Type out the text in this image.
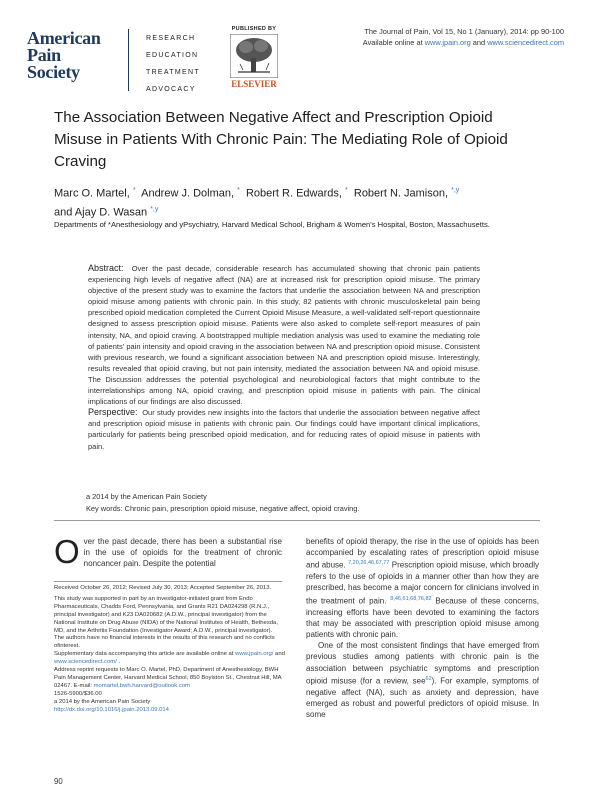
American
Pain
Society
RESEARCH
EDUCATION
TREATMENT
ADVOCACY
PUBLISHED BY
ELSEVIER
The Journal of Pain, Vol 15, No 1 (January), 2014: pp 90-100
Available online at www.jpain.org and www.sciencedirect.com
The Association Between Negative Affect and Prescription Opioid Misuse in Patients With Chronic Pain: The Mediating Role of Opioid Craving
Marc O. Martel, * Andrew J. Dolman, * Robert R. Edwards, * Robert N. Jamison, $^{*,y}$
and Ajay D. Wasan $^{*,y}$
Departments of *Anesthesiology and yPsychiatry, Harvard Medical School, Brigham & Women's Hospital, Boston, Massachusetts.
Abstract: Over the past decade, considerable research has accumulated showing that chronic pain patients experiencing high levels of negative affect (NA) are at increased risk for prescription opioid misuse. The primary objective of the present study was to examine the factors that underlie the association between NA and prescription opioid misuse among patients with chronic pain. In this study, 82 patients with chronic musculoskeletal pain being prescribed opioid medication completed the Current Opioid Misuse Measure, a well-validated self-report questionnaire designed to assess prescription opioid misuse. Patients were also asked to complete self-report measures of pain intensity, NA, and opioid craving. A bootstrapped multiple mediation analysis was used to examine the mediating role of patients' pain intensity and opioid craving in the association between NA and prescription opioid misuse. Consistent with previous research, we found a significant association between NA and prescription opioid misuse. Interestingly, results revealed that opioid craving, but not pain intensity, mediated the association between NA and opioid misuse. The Discussion addresses the potential psychological and neurobiological factors that might contribute to the interrelationships among NA, opioid craving, and prescription opioid misuse in patients with pain. The clinical implications of our findings are also discussed.
Perspective: Our study provides new insights into the factors that underlie the association between negative affect and prescription opioid misuse in patients with chronic pain. Our findings could have important clinical implications, particularly for patients being prescribed opioid medication, and for reducing rates of opioid misuse in patients with pain.
a 2014 by the American Pain Society
Key words: Chronic pain, prescription opioid misuse, negative affect, opioid craving.
O ver the past decade, there has been a substantial rise in the use of opioids for the treatment of chronic noncancer pain. Despite the potential
Received October 26, 2012; Revised July 30, 2013; Accepted September 26, 2013.
This study was supported in part by an investigator-initiated grant from Endo Pharmaceuticals, Chadds Ford, Pennsylvania, and Grants R21 DA024298 (R.N.J., principal investigator) and K23 DA020682 (A.D.W., principal investigator) from the National Institute on Drug Abuse (NIDA) of the National Institutes of Health, Bethesda, MD, and the Arthritis Foundation (Investigator Award; A.D.W., principal investigator).
The authors have no financial interests in the results of this research and no conflicts ofinterest.
Supplementary data accompanying this article are available online at www.jpain.org/ and www.sciencedirect.com/ .
Address reprint requests to Marc O. Martel, PhD, Department of Anesthesiology, BWH Pain Management Center, Harvard Medical School, 850 Boylston St., Chestnut Hill, MA 02467. E-mail: momartel.bwh.harvard@outlook.com
1526-5900/$36.00
a 2014 by the American Pain Society
http://dx.doi.org/10.1016/j.jpain.2013.09.014
benefits of opioid therapy, the rise in the use of opioids has been accompanied by escalating rates of prescription opioid misuse and abuse. $^{7,20,26,46,67,77}$ Prescription opioid misuse, which broadly refers to the use of opioids in a manner other than how they are prescribed, has become a major concern for clinicians involved in the treatment of pain. $^{8,46,61,68,76,82}$ Because of these concerns, increasing efforts have been devoted to examining the factors that may be associated with prescription opioid misuse among patients with chronic pain.
One of the most consistent findings that have emerged from previous studies among patients with chronic pain is the association between psychiatric symptoms and prescription opioid misuse (for a review, see$^{62}$). For example, symptoms of negative affect (NA), such as anxiety and depression, have emerged as robust and powerful predictors of opioid misuse. In some
90
